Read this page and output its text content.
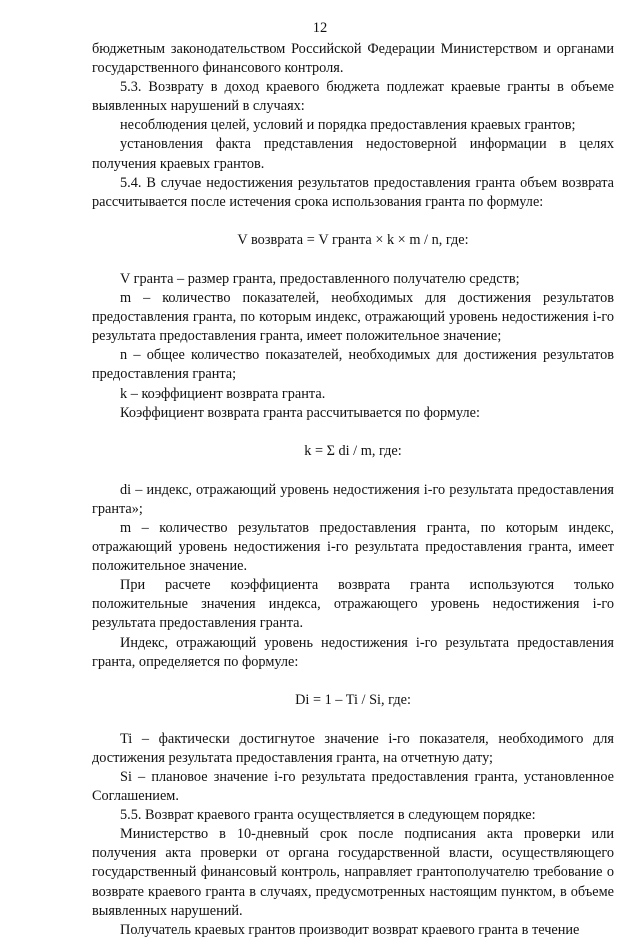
12

бюджетным законодательством Российской Федерации Министерством и органами государственного финансового контроля.

5.3. Возврату в доход краевого бюджета подлежат краевые гранты в объеме выявленных нарушений в случаях:

несоблюдения целей, условий и порядка предоставления краевых грантов;

установления факта представления недостоверной информации в целях получения краевых грантов.

5.4. В случае недостижения результатов предоставления гранта объем возврата рассчитывается после истечения срока использования гранта по формуле:

V возврата = V гранта × k × m / n, где:

V гранта – размер гранта, предоставленного получателю средств;

m – количество показателей, необходимых для достижения результатов предоставления гранта, по которым индекс, отражающий уровень недостижения i-го результата предоставления гранта, имеет положительное значение;

n – общее количество показателей, необходимых для достижения результатов предоставления гранта;

k – коэффициент возврата гранта.

Коэффициент возврата гранта рассчитывается по формуле:

k = Σ di / m, где:

di – индекс, отражающий уровень недостижения i-го результата предоставления гранта»;

m – количество результатов предоставления гранта, по которым индекс, отражающий уровень недостижения i-го результата предоставления гранта, имеет положительное значение.

При расчете коэффициента возврата гранта используются только положительные значения индекса, отражающего уровень недостижения i-го результата предоставления гранта.

Индекс, отражающий уровень недостижения i-го результата предоставления гранта, определяется по формуле:

Di = 1 – Ti / Si, где:

Ti – фактически достигнутое значение i-го показателя, необходимого для достижения результата предоставления гранта, на отчетную дату;

Si – плановое значение i-го результата предоставления гранта, установленное Соглашением.

5.5. Возврат краевого гранта осуществляется в следующем порядке:

Министерство в 10-дневный срок после подписания акта проверки или получения акта проверки от органа государственной власти, осуществляющего государственный финансовый контроль, направляет грантополучателю требование о возврате краевого гранта в случаях, предусмотренных настоящим пунктом, в объеме выявленных нарушений.

Получатель краевых грантов производит возврат краевого гранта в течение
